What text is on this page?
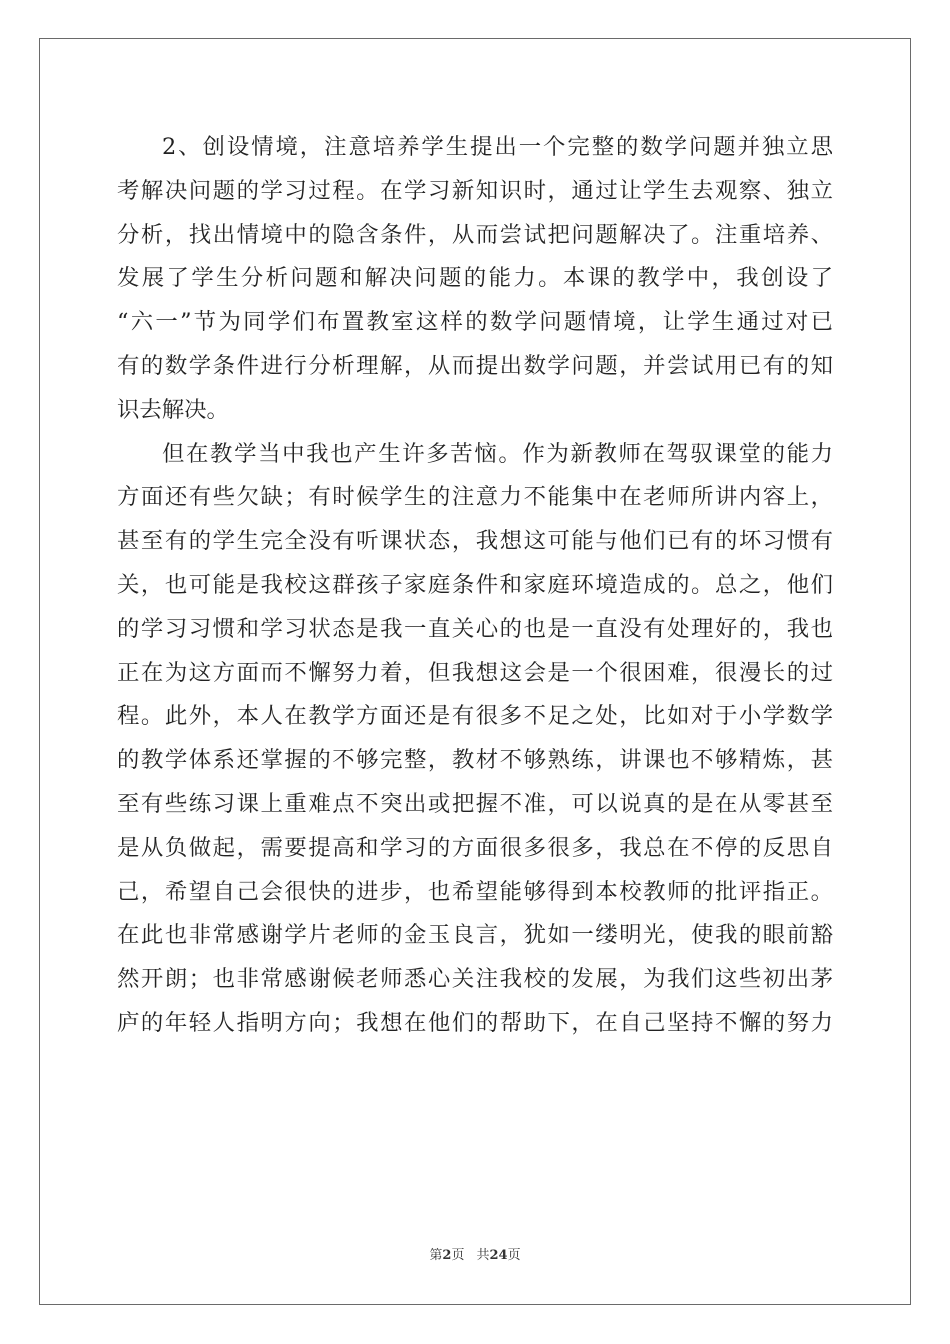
2、创设情境，注意培养学生提出一个完整的数学问题并独立思
考解决问题的学习过程。在学习新知识时，通过让学生去观察、独立
分析，找出情境中的隐含条件，从而尝试把问题解决了。注重培养、
发展了学生分析问题和解决问题的能力。本课的教学中，我创设了
“六一”节为同学们布置教室这样的数学问题情境，让学生通过对已
有的数学条件进行分析理解，从而提出数学问题，并尝试用已有的知
识去解决。
但在教学当中我也产生许多苦恼。作为新教师在驾驭课堂的能力
方面还有些欠缺；有时候学生的注意力不能集中在老师所讲内容上，
甚至有的学生完全没有听课状态，我想这可能与他们已有的坏习惯有
关，也可能是我校这群孩子家庭条件和家庭环境造成的。总之，他们
的学习习惯和学习状态是我一直关心的也是一直没有处理好的，我也
正在为这方面而不懈努力着，但我想这会是一个很困难，很漫长的过
程。此外，本人在教学方面还是有很多不足之处，比如对于小学数学
的教学体系还掌握的不够完整，教材不够熟练，讲课也不够精炼，甚
至有些练习课上重难点不突出或把握不准，可以说真的是在从零甚至
是从负做起，需要提高和学习的方面很多很多，我总在不停的反思自
己，希望自己会很快的进步，也希望能够得到本校教师的批评指正。
在此也非常感谢学片老师的金玉良言，犹如一缕明光，使我的眼前豁
然开朗；也非常感谢候老师悉心关注我校的发展，为我们这些初出茅
庐的年轻人指明方向；我想在他们的帮助下，在自己坚持不懈的努力
第2页 共24页
